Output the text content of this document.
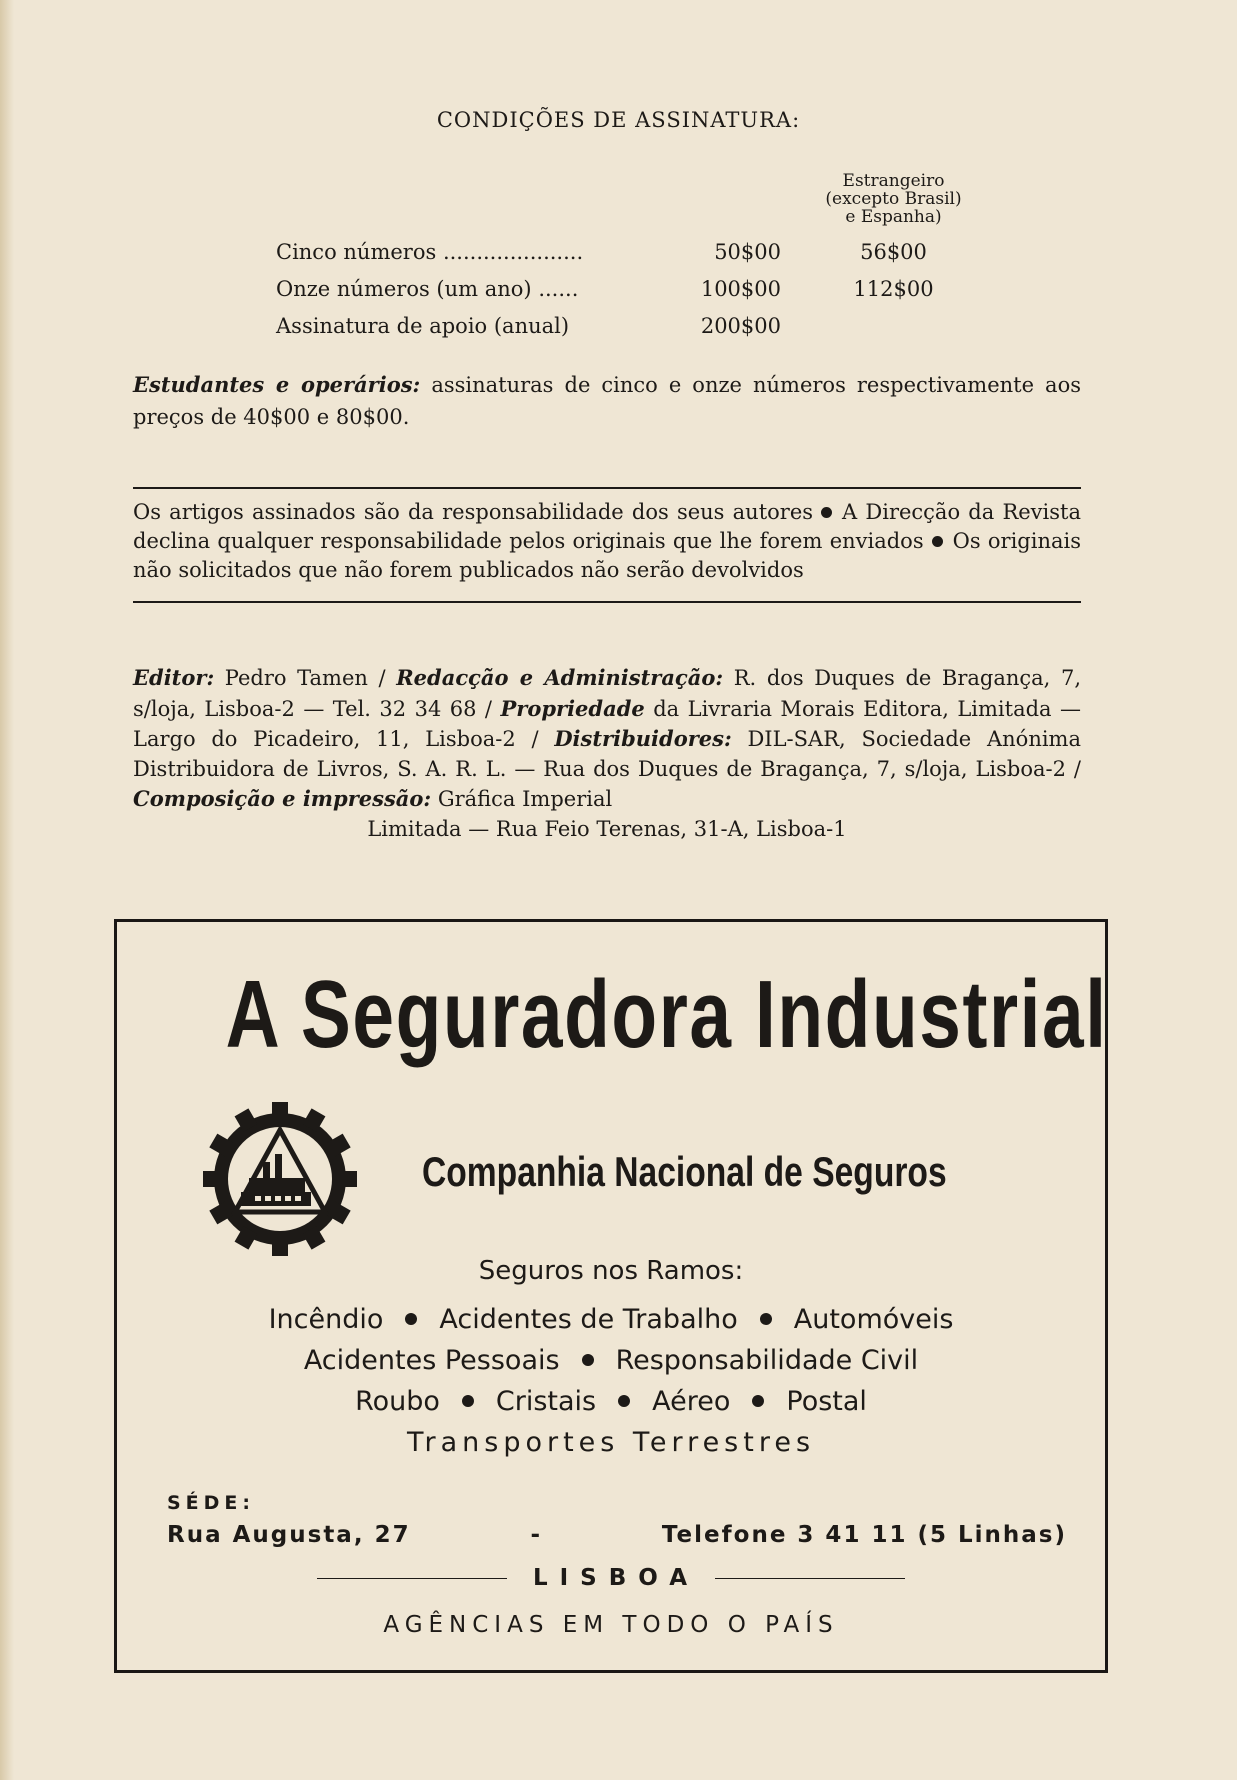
CONDIÇÕES DE ASSINATURA:
Estrangeiro
(excepto Brasil)
e Espanha)
Cinco números .....................	50$00	56$00
Onze números (um ano) ......	100$00	112$00
Assinatura de apoio (anual)	200$00
Estudantes e operários: assinaturas de cinco e onze números respectivamente aos preços de 40$00 e 80$00.
Os artigos assinados são da responsabilidade dos seus autores A Direcção da Revista declina qualquer responsabilidade pelos originais que lhe forem enviados Os originais não solicitados que não forem publicados não serão devolvidos
Editor: Pedro Tamen / Redacção e Administração: R. dos Duques de Bragança, 7, s/loja, Lisboa-2 — Tel. 32 34 68 / Propriedade da Livraria Morais Editora, Limitada — Largo do Picadeiro, 11, Lisboa-2 / Distribuidores: DIL-SAR, Sociedade Anónima Distribuidora de Livros, S. A. R. L. — Rua dos Duques de Bragança, 7, s/loja, Lisboa-2 / Composição e impressão: Gráfica Imperial
Limitada — Rua Feio Terenas, 31-A, Lisboa-1
A Seguradora Industrial
Companhia Nacional de Seguros
Seguros nos Ramos:
Incêndio Acidentes de Trabalho Automóveis
Acidentes Pessoais Responsabilidade Civil
Roubo Cristais Aéreo Postal
Transportes Terrestres
SÉDE:
Rua Augusta, 27	-	Telefone 3 41 11 (5 Linhas)
LISBOA
AGÊNCIAS EM TODO O PAÍS
